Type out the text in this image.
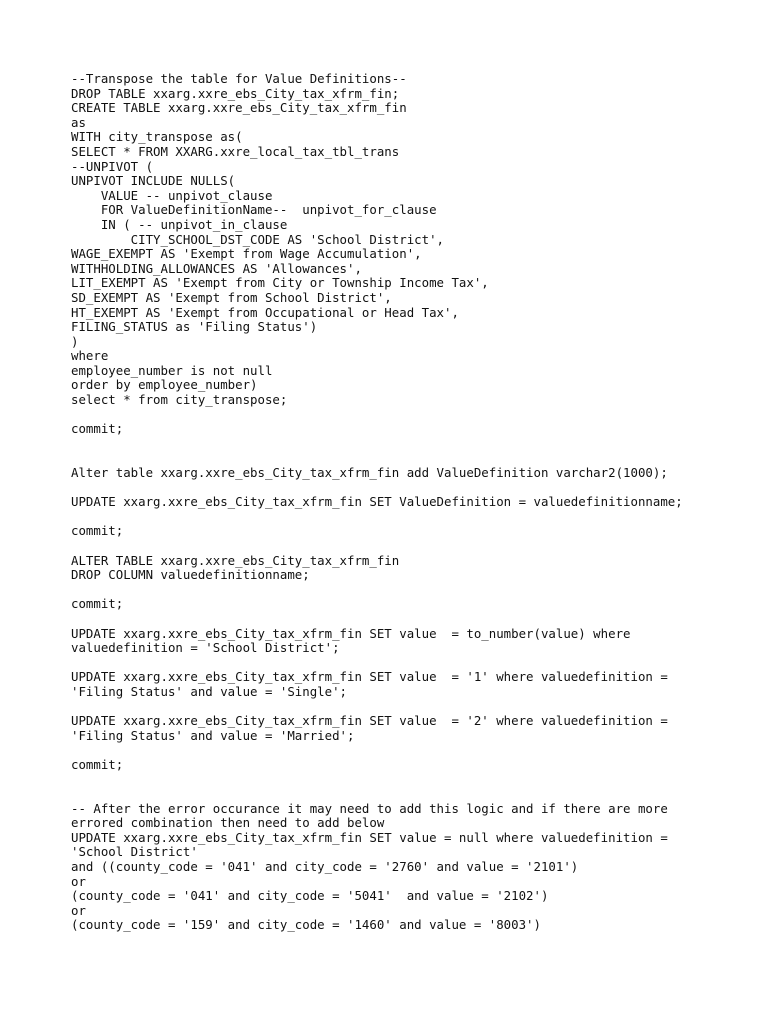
--Transpose the table for Value Definitions--
DROP TABLE xxarg.xxre_ebs_City_tax_xfrm_fin;
CREATE TABLE xxarg.xxre_ebs_City_tax_xfrm_fin
as
WITH city_transpose as(
SELECT * FROM XXARG.xxre_local_tax_tbl_trans
--UNPIVOT (
UNPIVOT INCLUDE NULLS(
VALUE -- unpivot_clause
FOR ValueDefinitionName--  unpivot_for_clause
IN ( -- unpivot_in_clause
CITY_SCHOOL_DST_CODE AS 'School District',
WAGE_EXEMPT AS 'Exempt from Wage Accumulation',
WITHHOLDING_ALLOWANCES AS 'Allowances',
LIT_EXEMPT AS 'Exempt from City or Township Income Tax',
SD_EXEMPT AS 'Exempt from School District',
HT_EXEMPT AS 'Exempt from Occupational or Head Tax',
FILING_STATUS as 'Filing Status')
)
where
employee_number is not null
order by employee_number)
select * from city_transpose;
commit;
Alter table xxarg.xxre_ebs_City_tax_xfrm_fin add ValueDefinition varchar2(1000);
UPDATE xxarg.xxre_ebs_City_tax_xfrm_fin SET ValueDefinition = valuedefinitionname;
commit;
ALTER TABLE xxarg.xxre_ebs_City_tax_xfrm_fin
DROP COLUMN valuedefinitionname;
commit;
UPDATE xxarg.xxre_ebs_City_tax_xfrm_fin SET value  = to_number(value) where
valuedefinition = 'School District';
UPDATE xxarg.xxre_ebs_City_tax_xfrm_fin SET value  = '1' where valuedefinition =
'Filing Status' and value = 'Single';
UPDATE xxarg.xxre_ebs_City_tax_xfrm_fin SET value  = '2' where valuedefinition =
'Filing Status' and value = 'Married';
commit;
-- After the error occurance it may need to add this logic and if there are more
errored combination then need to add below
UPDATE xxarg.xxre_ebs_City_tax_xfrm_fin SET value = null where valuedefinition =
'School District'
and ((county_code = '041' and city_code = '2760' and value = '2101')
or
(county_code = '041' and city_code = '5041'  and value = '2102')
or
(county_code = '159' and city_code = '1460' and value = '8003')
